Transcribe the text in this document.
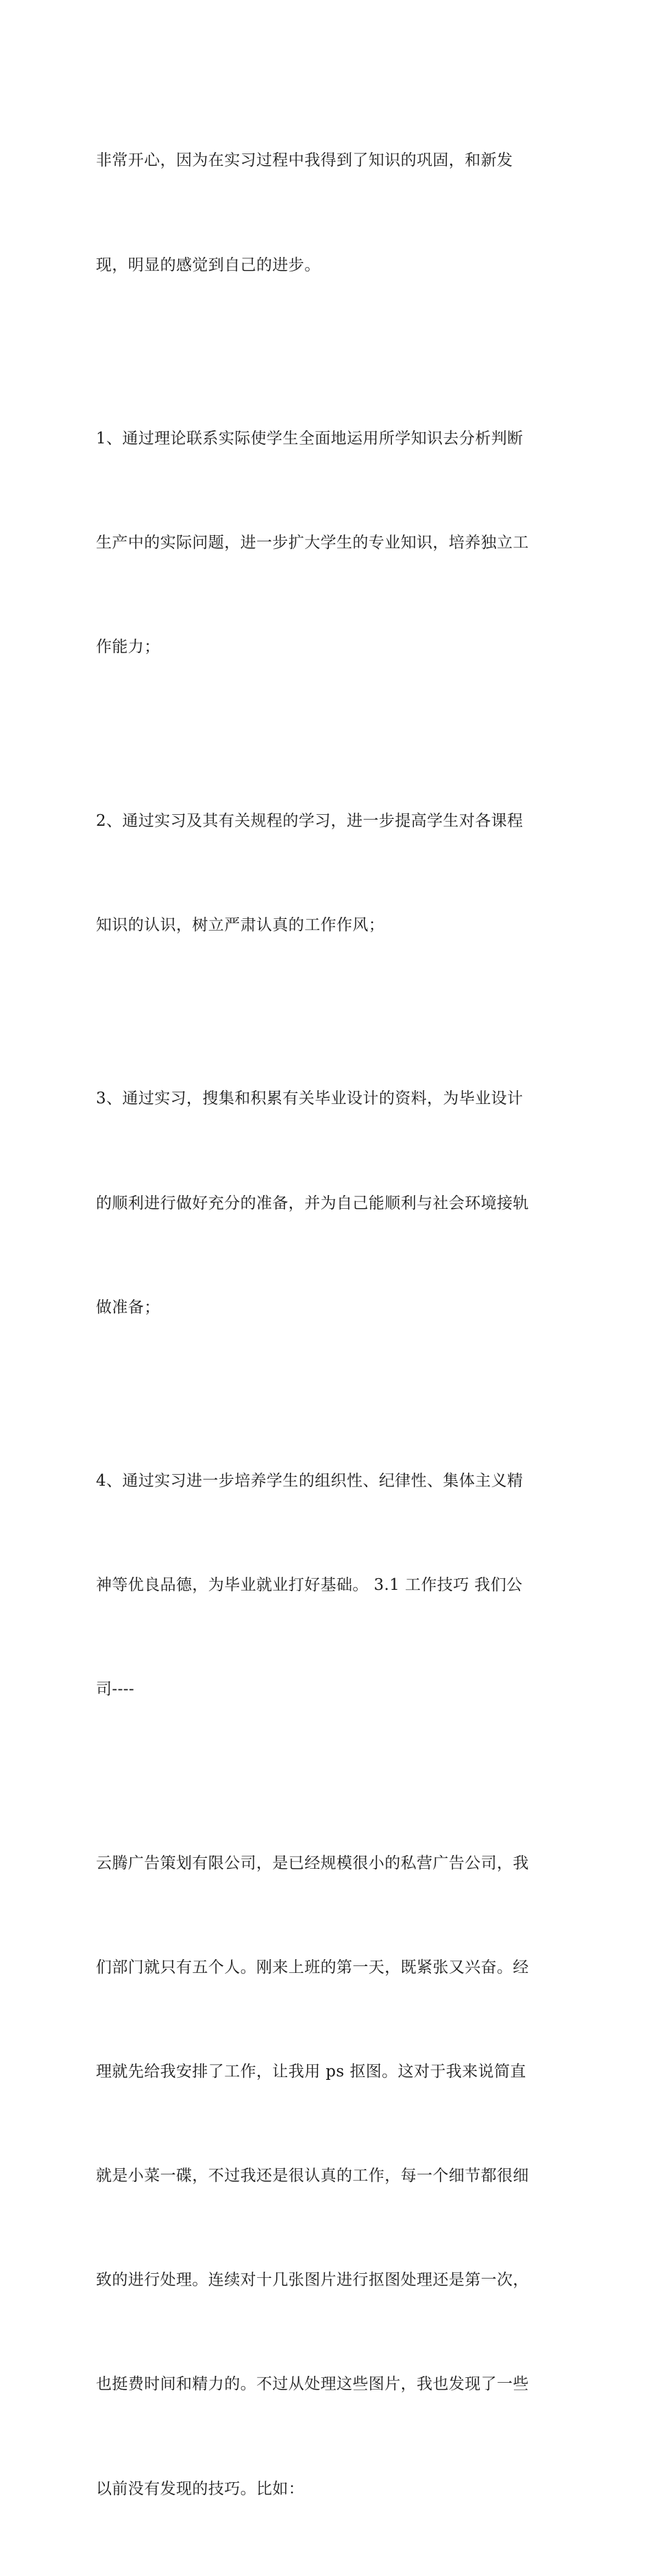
非常开心，因为在实习过程中我得到了知识的巩固，和新发

现，明显的感觉到自己的进步。

1、通过理论联系实际使学生全面地运用所学知识去分析判断

生产中的实际问题，进一步扩大学生的专业知识，培养独立工

作能力；

2、通过实习及其有关规程的学习，进一步提高学生对各课程

知识的认识，树立严肃认真的工作作风；

3、通过实习，搜集和积累有关毕业设计的资料，为毕业设计

的顺利进行做好充分的准备，并为自己能顺利与社会环境接轨

做准备；

4、通过实习进一步培养学生的组织性、纪律性、集体主义精

神等优良品德，为毕业就业打好基础。 3.1 工作技巧 我们公

司----

云腾广告策划有限公司，是已经规模很小的私营广告公司，我

们部门就只有五个人。刚来上班的第一天，既紧张又兴奋。经

理就先给我安排了工作，让我用 ps 抠图。这对于我来说简直

就是小菜一碟，不过我还是很认真的工作，每一个细节都很细

致的进行处理。连续对十几张图片进行抠图处理还是第一次，

也挺费时间和精力的。不过从处理这些图片，我也发现了一些

以前没有发现的技巧。比如：
